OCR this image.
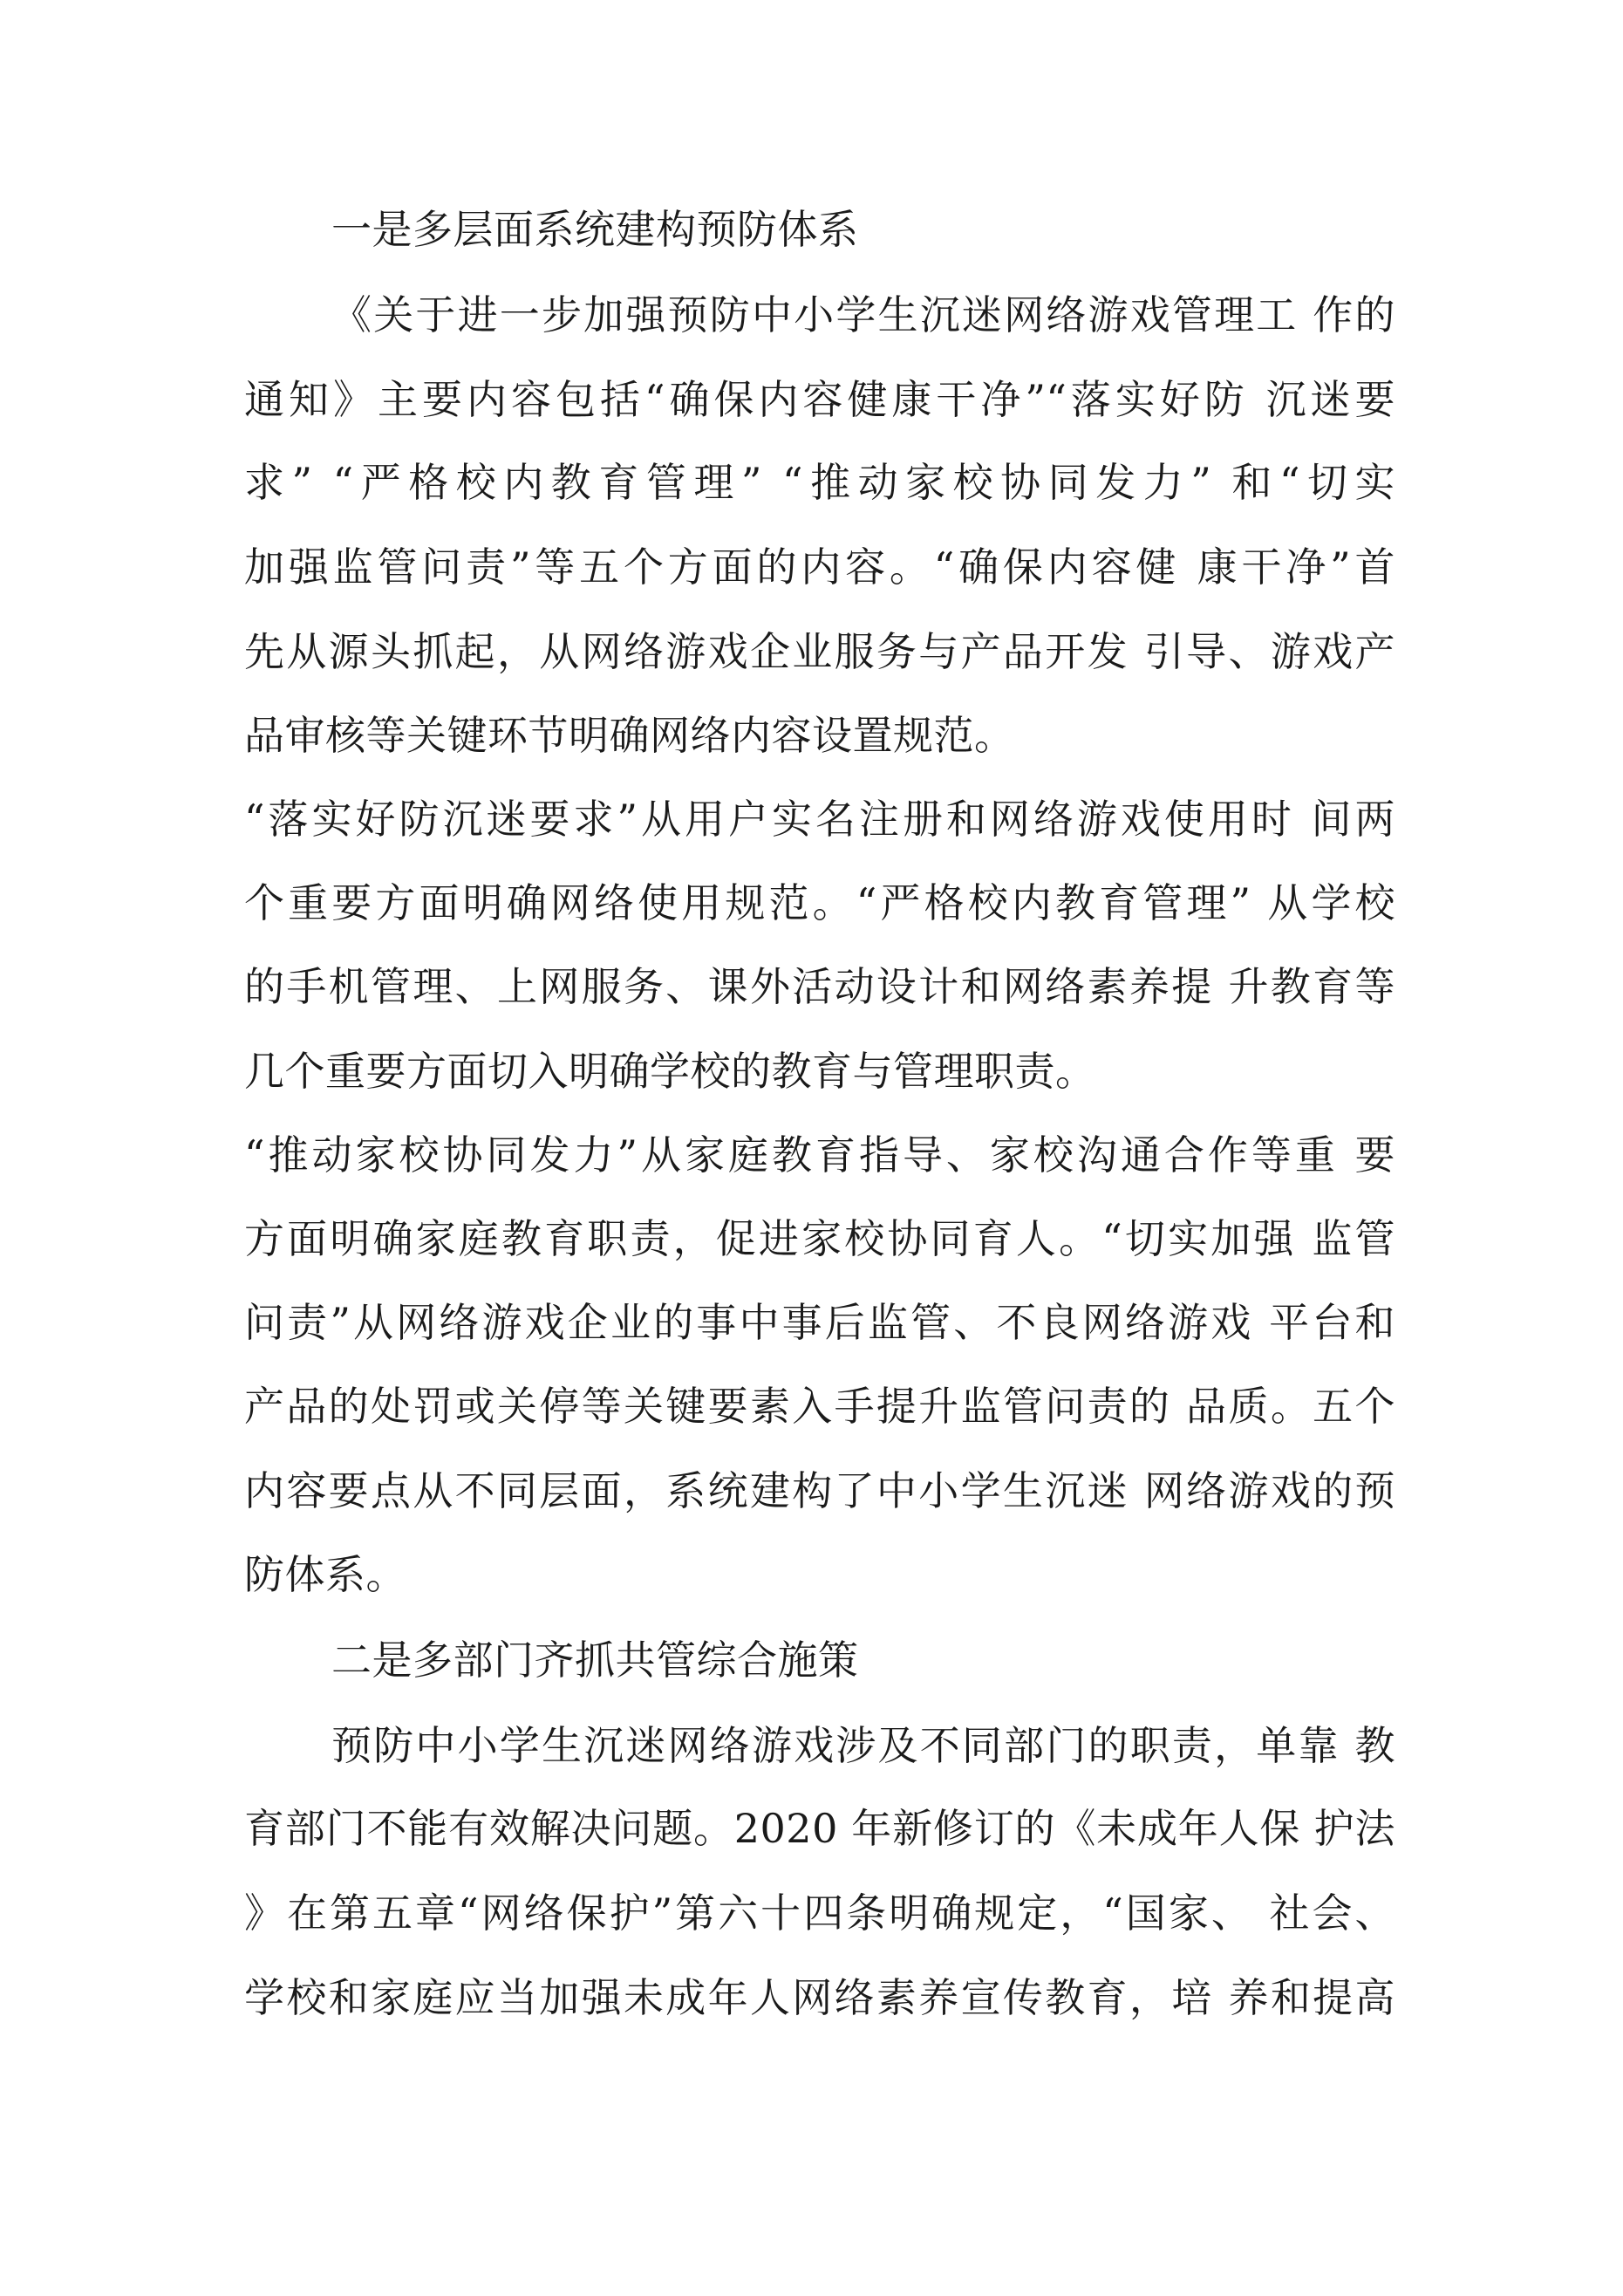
一是多层面系统建构预防体系
《关于进一步加强预防中小学生沉迷网络游戏管理工 作的
通知》主要内容包括“确保内容健康干净”“落实好防 沉迷要
求” “严格校内教育管理” “推动家校协同发力” 和“切实
加强监管问责”等五个方面的内容。“确保内容健 康干净”首
先从源头抓起，从网络游戏企业服务与产品开发 引导、游戏产
品审核等关键环节明确网络内容设置规范。
“落实好防沉迷要求”从用户实名注册和网络游戏使用时 间两
个重要方面明确网络使用规范。“严格校内教育管理” 从学校
的手机管理、上网服务、课外活动设计和网络素养提 升教育等
几个重要方面切入明确学校的教育与管理职责。
“推动家校协同发力”从家庭教育指导、家校沟通合作等重 要
方面明确家庭教育职责，促进家校协同育人。“切实加强 监管
问责”从网络游戏企业的事中事后监管、不良网络游戏 平台和
产品的处罚或关停等关键要素入手提升监管问责的 品质。五个
内容要点从不同层面，系统建构了中小学生沉迷 网络游戏的预
防体系。
二是多部门齐抓共管综合施策
预防中小学生沉迷网络游戏涉及不同部门的职责，单靠 教
育部门不能有效解决问题。2020 年新修订的《未成年人保 护法
》在第五章“网络保护”第六十四条明确规定，“国家、 社会、
学校和家庭应当加强未成年人网络素养宣传教育，培 养和提高
